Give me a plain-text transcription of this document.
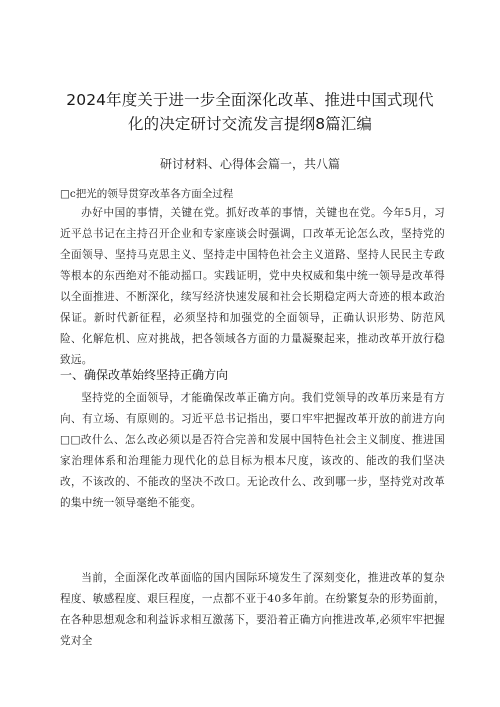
2024年度关于进一步全面深化改革、推进中国式现代
化的决定研讨交流发言提纲8篇汇编
研讨材料、心得体会篇一，共八篇
□c把光的领导贯穿改革各方面全过程

办好中国的事情，关键在党。抓好改革的事情，关键也在党。今年5月，习近平总书记在主持召开企业和专家座谈会时强调，口改革无论怎么改，坚持党的全面领导、坚持马克思主义、坚持走中国特色社会主义道路、坚持人民民主专政等根本的东西绝对不能动摇口。实践证明，党中央权威和集中统一领导是改革得以全面推进、不断深化，续写经济快速发展和社会长期稳定两大奇迹的根本政治保证。新时代新征程，必须坚持和加强党的全面领导，正确认识形势、防范风险、化解危机、应对挑战，把各领域各方面的力量凝聚起来，推动改革开放行稳致远。

一、确保改革始终坚持正确方向

坚持党的全面领导，才能确保改革正确方向。我们党领导的改革历来是有方向、有立场、有原则的。习近平总书记指出，要口牢牢把握改革开放的前进方向□□改什么、怎么改必须以是否符合完善和发展中国特色社会主义制度、推进国家治理体系和治理能力现代化的总目标为根本尺度，该改的、能改的我们坚决改，不该改的、不能改的坚决不改口。无论改什么、改到哪一步，坚持党对改革的集中统一领导毫绝不能变。

当前，全面深化改革面临的国内国际环境发生了深刻变化，推进改革的复杂程度、敏感程度、艰巨程度，一点都不亚于40多年前。在纷繁复杂的形势面前，在各种思想观念和利益诉求相互激荡下，要沿着正确方向推进改革,必须牢牢把握党对全
